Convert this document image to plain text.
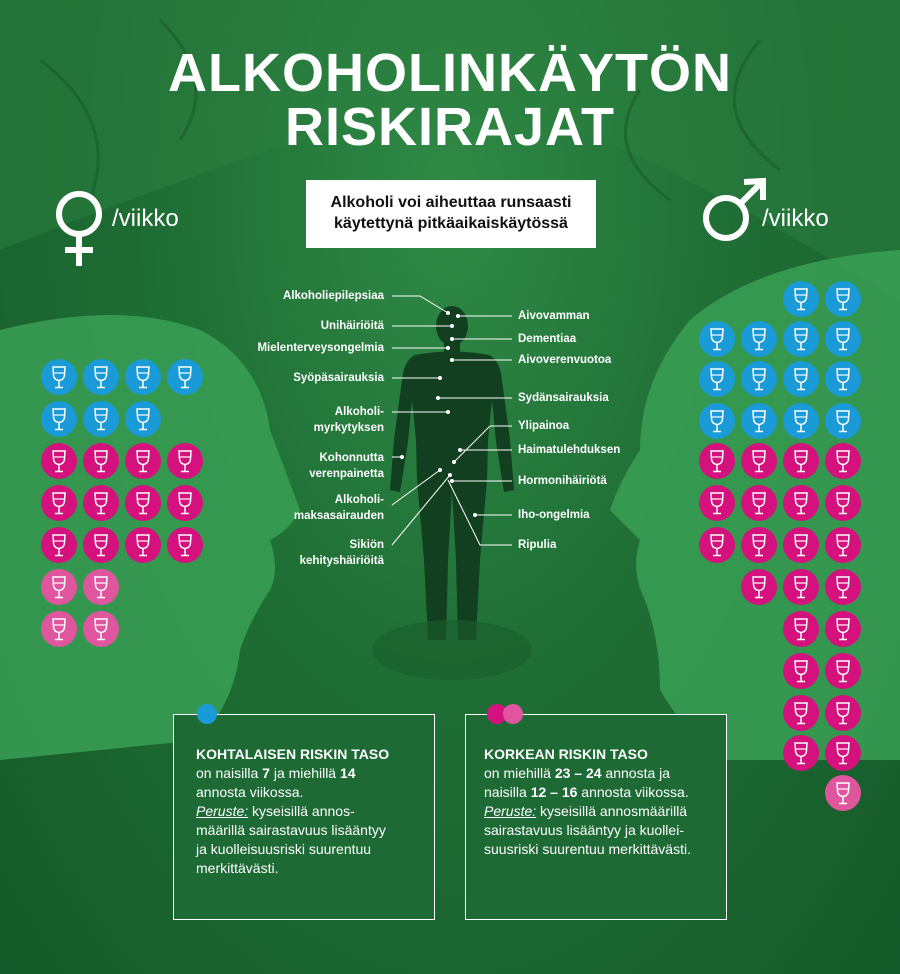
ALKOHOLINKÄYTÖN
RISKIRAJAT
Alkoholi voi aiheuttaa runsaasti
käytettynä pitkäaikaiskäytössä
/viikko	/viikko
Alkoholiepilepsiaa
Unihäiriöitä
Mielenterveysongelmia
Syöpäsairauksia
Alkoholi-
myrkytyksen
Kohonnutta
verenpainetta
Alkoholi-
maksasairauden
Sikiön
kehityshäiriöitä
Aivovamman
Dementiaa
Aivoverenvuotoa
Sydänsairauksia
Ylipainoa
Haimatulehduksen
Hormonihäiriötä
Iho-ongelmia
Ripulia

KOHTALAISEN RISKIN TASO

on naisilla 7 ja miehillä 14

annosta viikossa.

Peruste: kyseisillä annos-

määrillä sairastavuus lisääntyy

ja kuolleisuusriski suurentuu

merkittävästi.

KORKEAN RISKIN TASO

on miehillä 23 – 24 annosta ja

naisilla 12 – 16 annosta viikossa.

Peruste: kyseisillä annosmäärillä

sairastavuus lisääntyy ja kuollei-

suusriski suurentuu merkittävästi.
